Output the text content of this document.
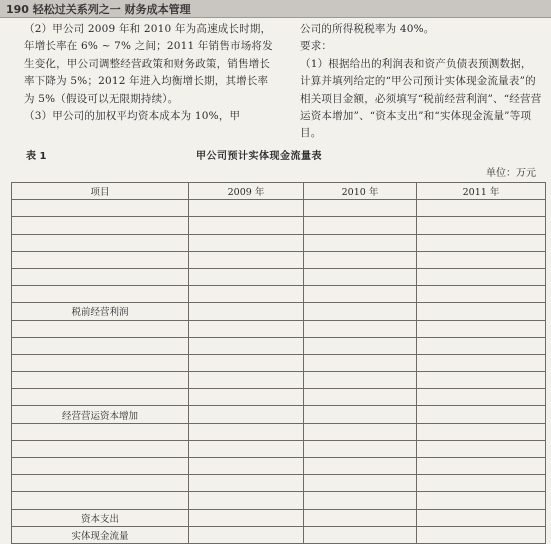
190 轻松过关系列之一 财务成本管理

（2）甲公司 2009 年和 2010 年为高速成长时期，年增长率在 6% ~ 7% 之间；2011 年销售市场将发生变化，甲公司调整经营政策和财务政策，销售增长率下降为 5%；2012 年进入均衡增长期，其增长率为 5%（假设可以无限期持续）。

（3）甲公司的加权平均资本成本为 10%，甲

公司的所得税税率为 40%。

要求：

（1）根据给出的利润表和资产负债表预测数据，计算并填列给定的“甲公司预计实体现金流量表”的相关项目金额，必须填写“税前经营利润”、“经营营运资本增加”、“资本支出”和“实体现金流量”等项目。

表 1	甲公司预计实体现金流量表
单位：万元
项目	2009 年	2010 年	2011 年

税前经营利润			

经营营运资本增加			

资本支出			
实体现金流量			
